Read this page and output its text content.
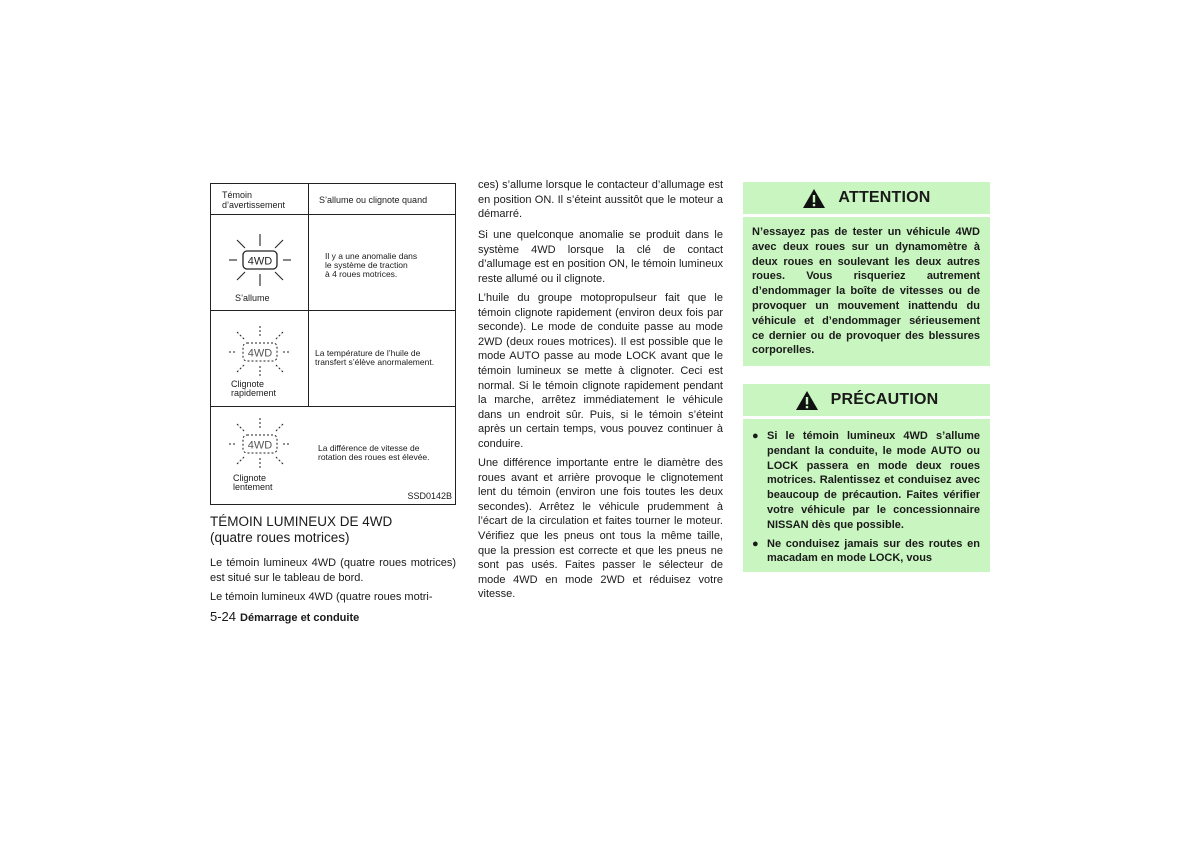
Témoin
d’avertissement	S’allume ou clignote quand
4WD
S’allume
Il y a une anomalie dans
le système de traction
à 4 roues motrices.
4WD
Clignote
rapidement
La température de l’huile de
transfert s’élève anormalement.
4WD
Clignote
lentement
La différence de vitesse de
rotation des roues est élevée.
SSD0142B
TÉMOIN LUMINEUX DE 4WD
(quatre roues motrices)
Le témoin lumineux 4WD (quatre roues motrices) est situé sur le tableau de bord.
Le témoin lumineux 4WD (quatre roues motri-
5-24 Démarrage et conduite
ces) s’allume lorsque le contacteur d’allumage est en position ON. Il s’éteint aussitôt que le moteur a démarré.
Si une quelconque anomalie se produit dans le système 4WD lorsque la clé de contact d’allumage est en position ON, le témoin lumineux reste allumé ou il clignote.
L’huile du groupe motopropulseur fait que le témoin clignote rapidement (environ deux fois par seconde). Le mode de conduite passe au mode 2WD (deux roues motrices). Il est possible que le mode AUTO passe au mode LOCK avant que le témoin lumineux se mette à clignoter. Ceci est normal. Si le témoin clignote rapidement pendant la marche, arrêtez immédiatement le véhicule dans un endroit sûr. Puis, si le témoin s’éteint après un certain temps, vous pouvez continuer à conduire.
Une différence importante entre le diamètre des roues avant et arrière provoque le clignotement lent du témoin (environ une fois toutes les deux secondes). Arrêtez le véhicule prudemment à l’écart de la circulation et faites tourner le moteur. Vérifiez que les pneus ont tous la même taille, que la pression est correcte et que les pneus ne sont pas usés. Faites passer le sélecteur de mode 4WD en mode 2WD et réduisez votre vitesse.
ATTENTION
N’essayez pas de tester un véhicule 4WD avec deux roues sur un dynamomètre à deux roues en soulevant les deux autres roues. Vous risqueriez autrement d’endommager la boîte de vitesses ou de provoquer un mouvement inattendu du véhicule et d’endommager sérieusement ce dernier ou de provoquer des blessures corporelles.
PRÉCAUTION
● Si le témoin lumineux 4WD s’allume pendant la conduite, le mode AUTO ou LOCK passera en mode deux roues motrices. Ralentissez et conduisez avec beaucoup de précaution. Faites vérifier votre véhicule par le concessionnaire NISSAN dès que possible.
● Ne conduisez jamais sur des routes en macadam en mode LOCK, vous
